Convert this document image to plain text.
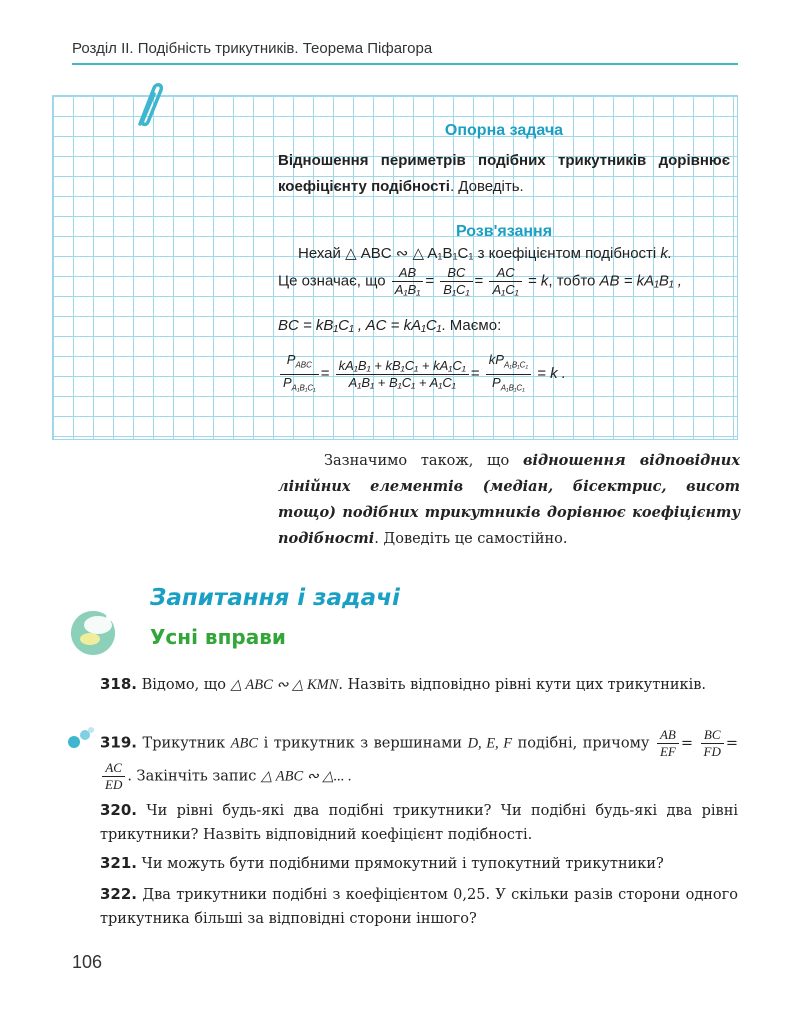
Розділ II. Подібність трикутників. Теорема Піфагора
Опорна задача
Відношення периметрів подібних трикутників дорівнює коефіцієнту подібності. Доведіть.
Розв'язання
Нехай △ ABC ∾ △ A₁B₁C₁ з коефіцієнтом подібності k.
Це означає, що $\frac{AB}{\text{A₁B₁}} = \frac{BC}{\text{B₁C₁}} = \frac{AC}{\text{A₁C₁}} = k$, тобто AB = kA₁B₁ ,
BC = kB₁C₁ , AC = kA₁C₁. Маємо:
$\frac{P_{ABC}}{P_{A_1B_1C_1}} = \frac{\text{kA₁B₁ + kB₁C₁ + kA₁C₁}}{\text{A₁B₁ + B₁C₁ + A₁C₁}} = \frac{kP_{A_1B_1C_1}}{P_{A_1B_1C_1}} = k$ .
Зазначимо також, що відношення відповідних лінійних елементів (медіан, бісектрис, висот тощо) подібних трикутників дорівнює коефіцієнту подібності. Доведіть це самостійно.
Запитання і задачі
Усні вправи
318. Відомо, що △ ABC ∾ △ KMN. Назвіть відповідно рівні кути цих трикутників.
319. Трикутник ABC і трикутник з вершинами D, E, F подібні, причому $\frac{AB}{EF} = \frac{BC}{FD}$ =
$\frac{AC}{ED}$ . Закінчіть запис △ ABC ∾ △... .
320. Чи рівні будь-які два подібні трикутники? Чи подібні будь-які два рівні трикутники? Назвіть відповідний коефіцієнт подібності.
321. Чи можуть бути подібними прямокутний і тупокутний трикутники?
322. Два трикутники подібні з коефіцієнтом 0,25. У скільки разів сторони одного трикутника більші за відповідні сторони іншого?
106
